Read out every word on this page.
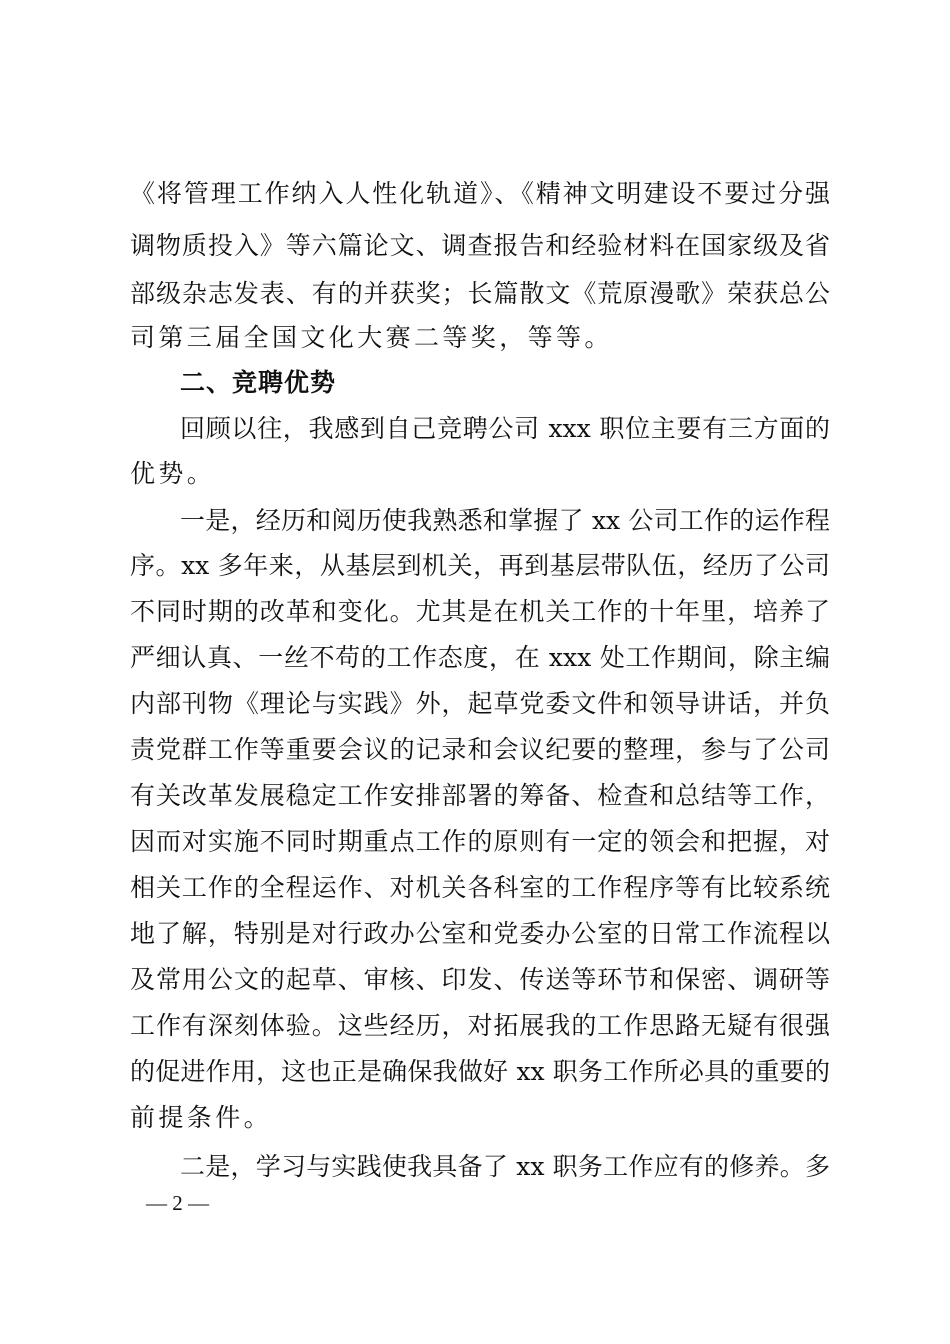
《将管理工作纳入人性化轨道》、《精神文明建设不要过分强
调物质投入》等六篇论文、调查报告和经验材料在国家级及省
部级杂志发表、有的并获奖；长篇散文《荒原漫歌》荣获总公
司第三届全国文化大赛二等奖，等等。
二、竞聘优势
回顾以往，我感到自己竞聘公司 xxx 职位主要有三方面的
优势。
一是，经历和阅历使我熟悉和掌握了 xx 公司工作的运作程
序。xx 多年来，从基层到机关，再到基层带队伍，经历了公司
不同时期的改革和变化。尤其是在机关工作的十年里，培养了
严细认真、一丝不苟的工作态度，在 xxx 处工作期间，除主编
内部刊物《理论与实践》外，起草党委文件和领导讲话，并负
责党群工作等重要会议的记录和会议纪要的整理，参与了公司
有关改革发展稳定工作安排部署的筹备、检查和总结等工作，
因而对实施不同时期重点工作的原则有一定的领会和把握，对
相关工作的全程运作、对机关各科室的工作程序等有比较系统
地了解，特别是对行政办公室和党委办公室的日常工作流程以
及常用公文的起草、审核、印发、传送等环节和保密、调研等
工作有深刻体验。这些经历，对拓展我的工作思路无疑有很强
的促进作用，这也正是确保我做好 xx 职务工作所必具的重要的
前提条件。
二是，学习与实践使我具备了 xx 职务工作应有的修养。多
— 2 —
